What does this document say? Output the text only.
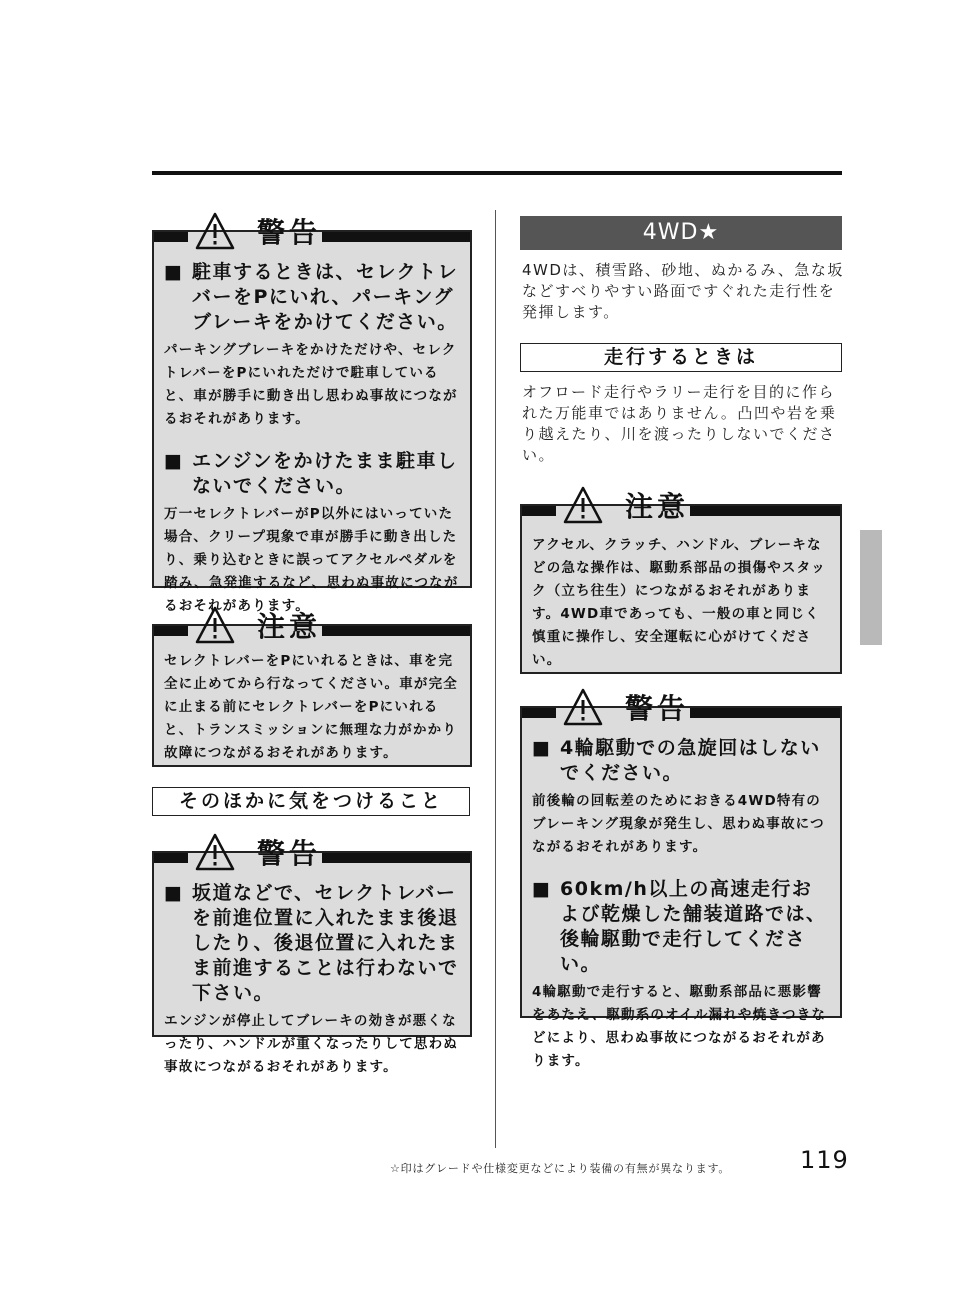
警告
■ 駐車するときは、セレクトレバーをPにいれ、パーキングブレーキをかけてください。
パーキングブレーキをかけただけや、セレクトレバーをPにいれただけで駐車していると、車が勝手に動き出し思わぬ事故につながるおそれがあります。
■ エンジンをかけたまま駐車しないでください。
万一セレクトレバーがP以外にはいっていた場合、クリープ現象で車が勝手に動き出したり、乗り込むときに誤ってアクセルペダルを踏み、急発進するなど、思わぬ事故につながるおそれがあります。
注意
セレクトレバーをPにいれるときは、車を完全に止めてから行なってください。車が完全に止まる前にセレクトレバーをPにいれると、トランスミッションに無理な力がかかり故障につながるおそれがあります。
そのほかに気をつけること
警告
■ 坂道などで、セレクトレバーを前進位置に入れたまま後退したり、後退位置に入れたまま前進することは行わないで下さい。
エンジンが停止してブレーキの効きが悪くなったり、ハンドルが重くなったりして思わぬ事故につながるおそれがあります。
4WD★
4WDは、積雪路、砂地、ぬかるみ、急な坂などすべりやすい路面ですぐれた走行性を発揮します。
走行するときは
オフロード走行やラリー走行を目的に作られた万能車ではありません。凸凹や岩を乗り越えたり、川を渡ったりしないでください。
注意
アクセル、クラッチ、ハンドル、ブレーキなどの急な操作は、駆動系部品の損傷やスタック（立ち往生）につながるおそれがあります。4WD車であっても、一般の車と同じく慎重に操作し、安全運転に心がけてください。
警告
■ 4輪駆動での急旋回はしないでください。
前後輪の回転差のためにおきる4WD特有のブレーキング現象が発生し、思わぬ事故につながるおそれがあります。
■ 60km/h以上の高速走行および乾燥した舗装道路では、後輪駆動で走行してください。
4輪駆動で走行すると、駆動系部品に悪影響をあたえ、駆動系のオイル漏れや焼きつきなどにより、思わぬ事故につながるおそれがあります。
☆印はグレードや仕様変更などにより装備の有無が異なります。	119
